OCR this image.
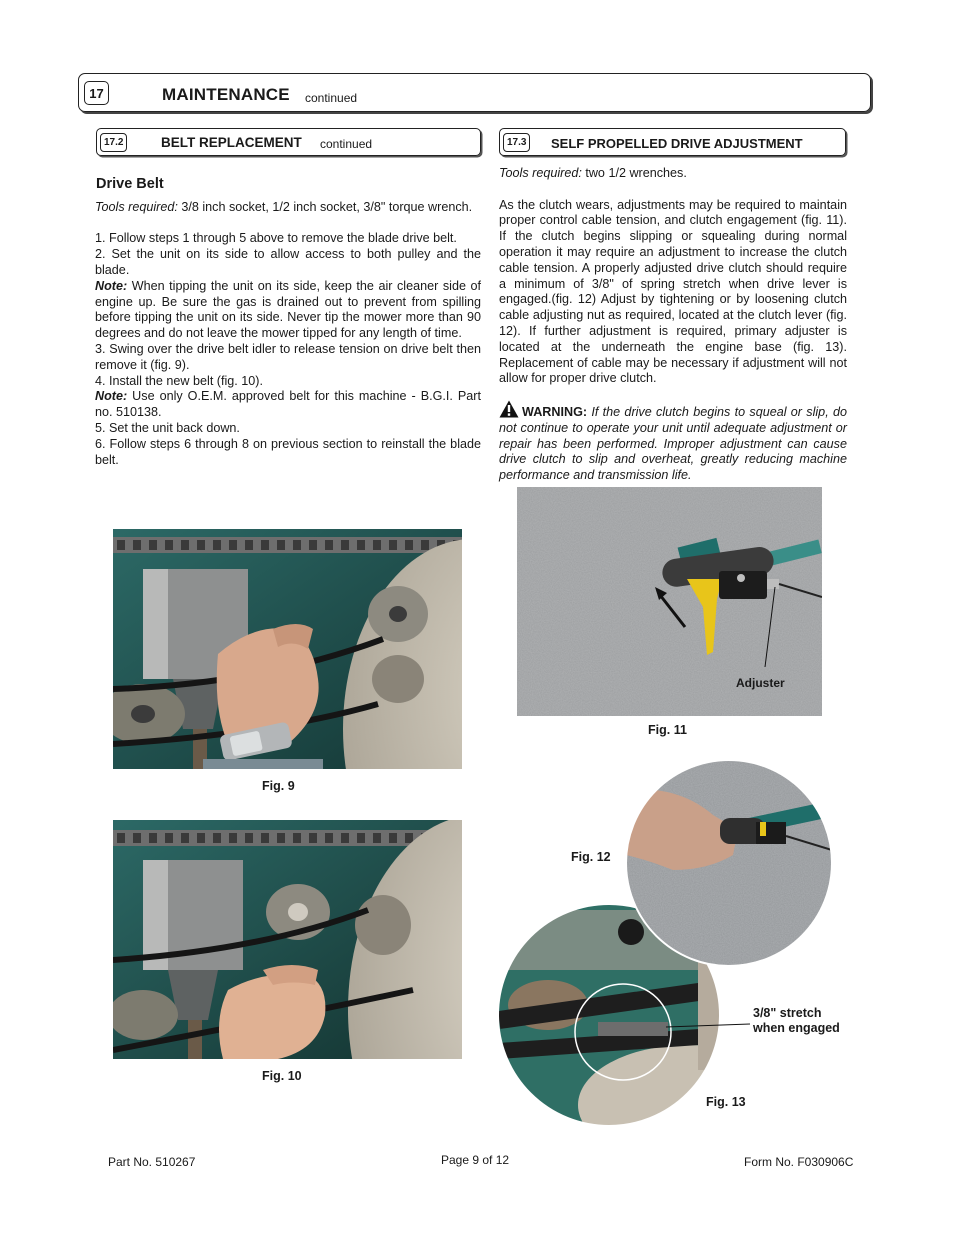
17	MAINTENANCE continued
17.2	BELT REPLACEMENT continued	17.3	SELF PROPELLED DRIVE ADJUSTMENT
Drive Belt

Tools required: 3/8 inch socket, 1/2 inch socket, 3/8" torque wrench.

1. Follow steps 1 through 5 above to remove the blade drive belt.

2. Set the unit on its side to allow access to both pulley and the blade.

Note: When tipping the unit on its side, keep the air cleaner side of engine up. Be sure the gas is drained out to prevent from spilling before tipping the unit on its side. Never tip the mower more than 90 degrees and do not leave the mower tipped for any length of time.

3. Swing over the drive belt idler to release tension on drive belt then remove it (fig. 9).

4. Install the new belt (fig. 10).

Note: Use only O.E.M. approved belt for this machine - B.G.I. Part no. 510138.

5. Set the unit back down.

6. Follow steps 6 through 8 on previous section to reinstall the blade belt.

Tools required: two 1/2 wrenches.

As the clutch wears, adjustments may be required to maintain proper control cable tension, and clutch engagement (fig. 11). If the clutch begins slipping or squealing during normal operation it may require an adjustment to increase the clutch cable tension. A properly adjusted drive clutch should require a minimum of 3/8" of spring stretch when drive lever is engaged.(fig. 12) Adjust by tightening or by loosening clutch cable adjusting nut as required, located at the clutch lever (fig. 12). If further adjustment is required, primary adjuster is located at the underneath the engine base (fig. 13). Replacement of cable may be necessary if adjustment will not allow for proper drive clutch.

WARNING: If the drive clutch begins to squeal or slip, do not continue to operate your unit until adequate adjustment or repair has been performed. Improper adjustment can cause drive clutch to slip and overheat, greatly reducing machine performance and transmission life.
Fig. 9
Fig. 10
Adjuster
Fig. 11
Fig. 12
3/8" stretch
when engaged
Fig. 13
Part No. 510267	Page 9 of 12	Form No. F030906C
